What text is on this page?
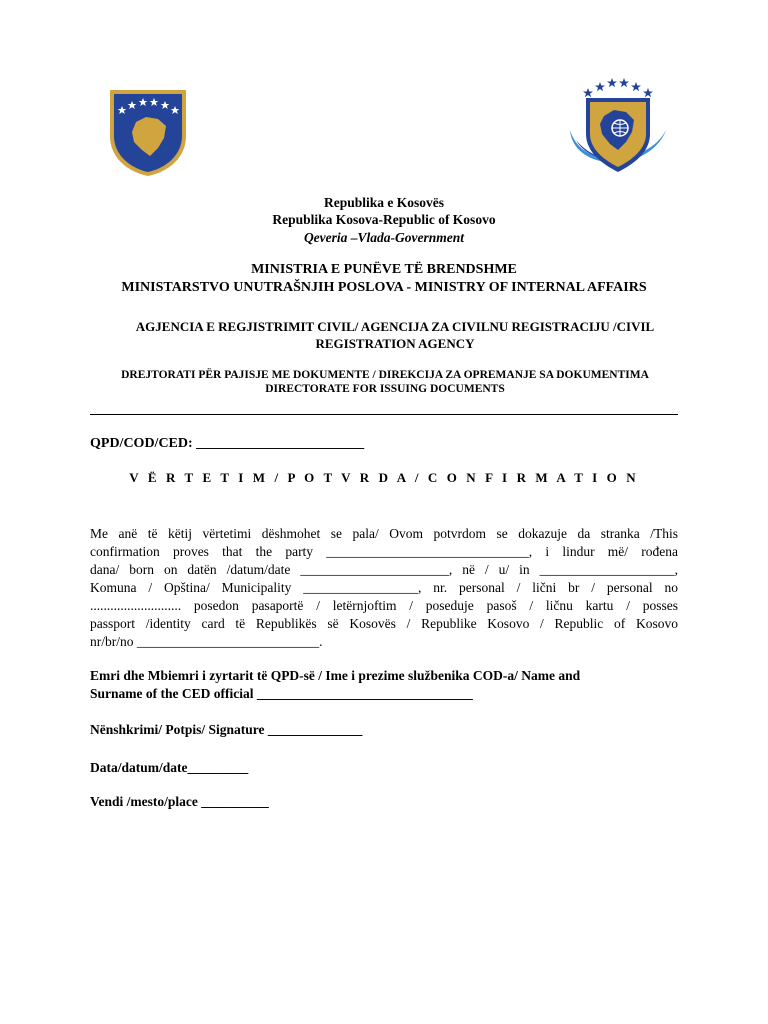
Republika e Kosovës
Republika Kosova-Republic of Kosovo
Qeveria –Vlada-Government
MINISTRIA E PUNËVE TË BRENDSHME
MINISTARSTVO UNUTRAŠNJIH POSLOVA - MINISTRY OF INTERNAL AFFAIRS
AGJENCIA E REGJISTRIMIT CIVIL/ AGENCIJA ZA CIVILNU REGISTRACIJU /CIVIL
REGISTRATION AGENCY
DREJTORATI PËR PAJISJE ME DOKUMENTE / DIREKCIJA ZA OPREMANJE SA DOKUMENTIMA
DIRECTORATE FOR ISSUING DOCUMENTS
QPD/COD/CED: ________________________
V Ë R T E T I M / P O T V R D A / C O N F I R M A T I O N
Me anë të këtij vërtetimi dëshmohet se pala/ Ovom potvrdom se dokazuje da stranka /This
confirmation proves that the party ______________________________, i lindur më/ rođena
dana/ born on datën /datum/date ______________________, në / u/ in ____________________,
Komuna / Opština/ Municipality _________________, nr. personal / lični br / personal no
........................... posedon pasaportë / letërnjoftim / poseduje pasoš / ličnu kartu / posses
passport /identity card të Republikës së Kosovës / Republike Kosovo / Republic of Kosovo
nr/br/no ___________________________.
Emri dhe Mbiemri i zyrtarit të QPD-së / Ime i prezime službenika COD-a/ Name and
Surname of the CED official ________________________________
Nënshkrimi/ Potpis/ Signature ______________
Data/datum/date_________
Vendi /mesto/place __________
